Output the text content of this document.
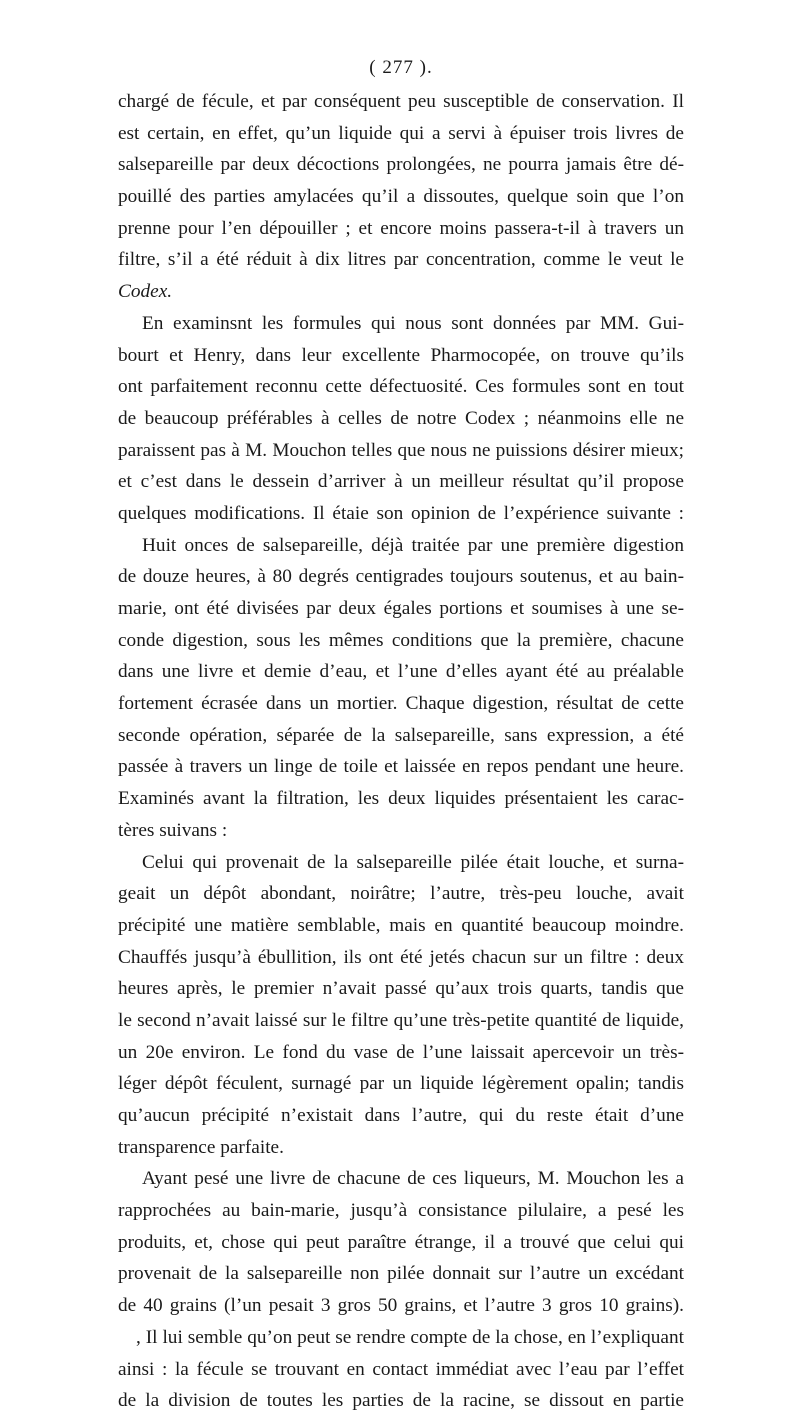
( 277 ).

chargé de fécule, et par conséquent peu susceptible de conservation. Il
est certain, en effet, qu’un liquide qui a servi à épuiser trois livres de
salsepareille par deux décoctions prolongées, ne pourra jamais être dé-
pouillé des parties amylacées qu’il a dissoutes, quelque soin que l’on
prenne pour l’en dépouiller ; et encore moins passera-t-il à travers un
filtre, s’il a été réduit à dix litres par concentration, comme le veut le
Codex.

En examinsnt les formules qui nous sont données par MM. Gui-
bourt et Henry, dans leur excellente Pharmocopée, on trouve qu’ils
ont parfaitement reconnu cette défectuosité. Ces formules sont en tout
de beaucoup préférables à celles de notre Codex ; néanmoins elle ne
paraissent pas à M. Mouchon telles que nous ne puissions désirer mieux;
et c’est dans le dessein d’arriver à un meilleur résultat qu’il propose
quelques modifications. Il étaie son opinion de l’expérience suivante :

Huit onces de salsepareille, déjà traitée par une première digestion
de douze heures, à 80 degrés centigrades toujours soutenus, et au bain-
marie, ont été divisées par deux égales portions et soumises à une se-
conde digestion, sous les mêmes conditions que la première, chacune
dans une livre et demie d’eau, et l’une d’elles ayant été au préalable
fortement écrasée dans un mortier. Chaque digestion, résultat de cette
seconde opération, séparée de la salsepareille, sans expression, a été
passée à travers un linge de toile et laissée en repos pendant une heure.
Examinés avant la filtration, les deux liquides présentaient les carac-
tères suivans :

Celui qui provenait de la salsepareille pilée était louche, et surna-
geait un dépôt abondant, noirâtre; l’autre, très-peu louche, avait
précipité une matière semblable, mais en quantité beaucoup moindre.
Chauffés jusqu’à ébullition, ils ont été jetés chacun sur un filtre : deux
heures après, le premier n’avait passé qu’aux trois quarts, tandis que
le second n’avait laissé sur le filtre qu’une très-petite quantité de liquide,
un 20e environ. Le fond du vase de l’une laissait apercevoir un très-
léger dépôt féculent, surnagé par un liquide légèrement opalin; tandis
qu’aucun précipité n’existait dans l’autre, qui du reste était d’une
transparence parfaite.

Ayant pesé une livre de chacune de ces liqueurs, M. Mouchon les a
rapprochées au bain-marie, jusqu’à consistance pilulaire, a pesé les
produits, et, chose qui peut paraître étrange, il a trouvé que celui qui
provenait de la salsepareille non pilée donnait sur l’autre un excédant
de 40 grains (l’un pesait 3 gros 50 grains, et l’autre 3 gros 10 grains).

, Il lui semble qu’on peut se rendre compte de la chose, en l’expliquant
ainsi : la fécule se trouvant en contact immédiat avec l’eau par l’effet
de la division de toutes les parties de la racine, se dissout en partie
